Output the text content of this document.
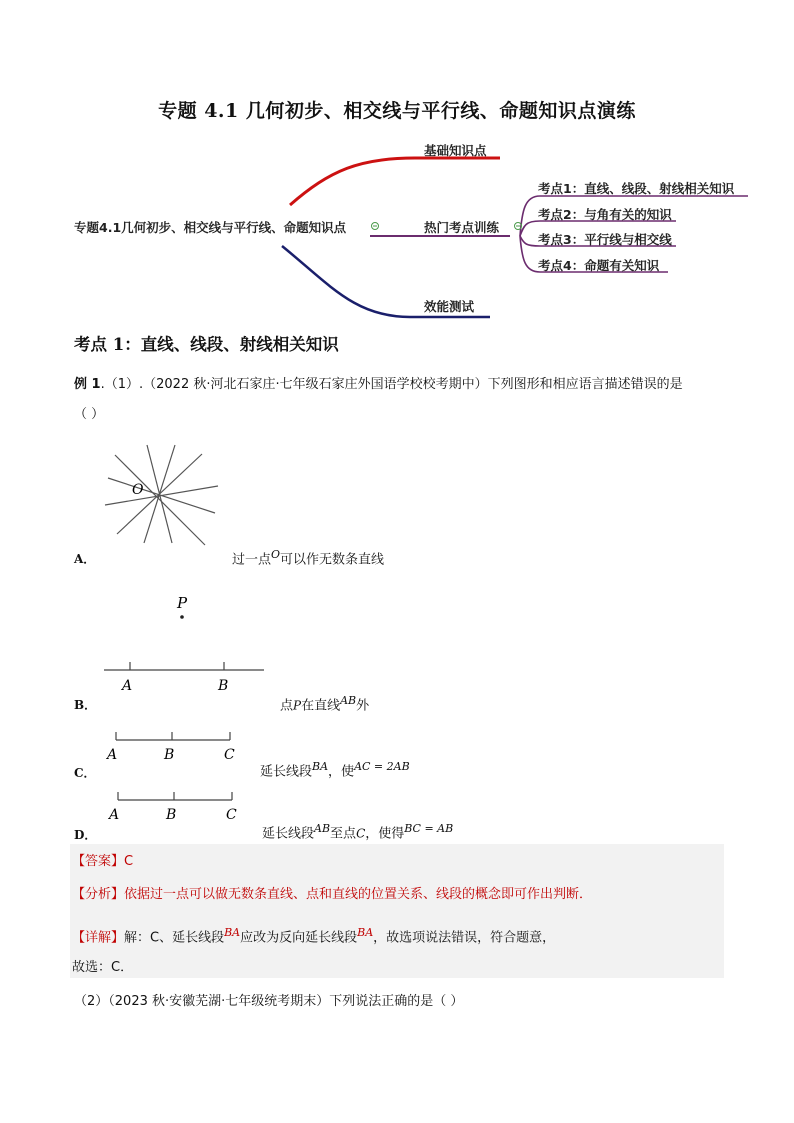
专题 4.1 几何初步、相交线与平行线、命题知识点演练
专题4.1几何初步、相交线与平行线、命题知识点
基础知识点
热门考点训练
效能测试
考点1：直线、线段、射线相关知识
考点2：与角有关的知识
考点3：平行线与相交线
考点4：命题有关知识
考点 1：直线、线段、射线相关知识
例 1.（1）.（2022 秋·河北石家庄·七年级石家庄外国语学校校考期中）下列图形和相应语言描述错误的是
（ ）
O
A．	过一点$^O$可以作无数条直线
P
A	B
B．	点P在直线$^{AB}$外
A	B	C
C．	延长线段$^{BA}$，使$^{AC = 2AB}$
A	B	C
D．	延长线段$^{AB}$至点C，使得$^{BC = AB}$
【答案】C
【分析】依据过一点可以做无数条直线、点和直线的位置关系、线段的概念即可作出判断．
【详解】解：C、延长线段$^{BA}$应改为反向延长线段$^{BA}$，故选项说法错误，符合题意，
故选：C．
（2）（2023 秋·安徽芜湖·七年级统考期末）下列说法正确的是（ ）
